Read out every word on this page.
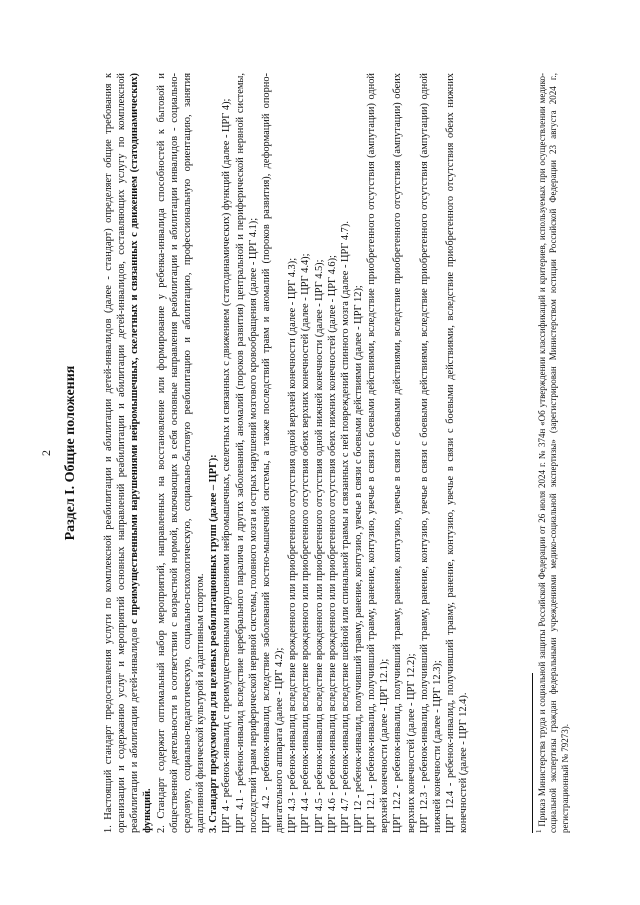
2 Раздел I. Общие положения 1. Настоящий стандарт предоставления услуги по комплексной реабилитации и абилитации детей-инвалидов (далее - стандарт) определяет общие требования к организации и содержанию услуг и мероприятий основных направлений реабилитации и абилитации детей-инвалидов, составляющих услугу по комплексной реабилитации и абилитации детей-инвалидов с преимущественными нарушениями нейромышечных, скелетных и связанных с движением (статодинамических) функций. 2. Стандарт содержит оптимальный набор мероприятий, направленных на восстановление или формирование у ребенка-инвалида способностей к бытовой и общественной деятельности в соответствии с возрастной нормой, включающих в себя основные направления реабилитации и абилитации инвалидов - социально-средовую, социально-педагогическую, социально-психологическую, социально-бытовую реабилитацию и абилитацию, профессиональную ориентацию, занятия адаптивной физической культурой и адаптивным спортом. 3. Стандарт предусмотрен для целевых реабилитационных групп (далее – ЦРГ): ЦРГ 4 - ребенок-инвалид с преимущественными нарушениями нейромышечных, скелетных и связанных с движением (статодинамических) функций (далее - ЦРГ 4); ЦРГ 4.1 - ребенок-инвалид вследствие церебрального паралича и других заболеваний, аномалий (пороков развития) центральной и периферической нервной системы, последствий травм периферической нервной системы, головного мозга и острых нарушений мозгового кровообращения (далее - ЦРГ 4.1); ЦРГ 4.2 - ребенок-инвалид вследствие заболеваний костно-мышечной системы, а также последствий травм и аномалий (пороков развития), деформаций опорно-двигательного аппарата (далее - ЦРГ 4.2); ЦРГ 4.3 - ребенок-инвалид вследствие врожденного или приобретенного отсутствия одной верхней конечности (далее - ЦРГ 4.3); ЦРГ 4.4 - ребенок-инвалид вследствие врожденного или приобретенного отсутствия обеих верхних конечностей (далее - ЦРГ 4.4); ЦРГ 4.5 - ребенок-инвалид вследствие врожденного или приобретенного отсутствия одной нижней конечности (далее - ЦРГ 4.5); ЦРГ 4.6 - ребенок-инвалид вследствие врожденного или приобретенного отсутствия обеих нижних конечностей (далее - ЦРГ 4.6); ЦРГ 4.7 - ребенок-инвалид вследствие шейной или спинальной травмы и связанных с ней повреждений спинного мозга (далее - ЦРГ 4.7). ЦРГ 12 - ребенок-инвалид, получивший травму, ранение, контузию, увечье в связи с боевыми действиями (далее - ЦРГ 12); ЦРГ 12.1 - ребенок-инвалид, получивший травму, ранение, контузию, увечье в связи с боевыми действиями, вследствие приобретенного отсутствия (ампутации) одной верхней конечности (далее - ЦРГ 12.1); ЦРГ 12.2 - ребенок-инвалид, получивший травму, ранение, контузию, увечье в связи с боевыми действиями, вследствие приобретенного отсутствия (ампутации) обеих верхних конечностей (далее - ЦРГ 12.2); ЦРГ 12.3 - ребенок-инвалид, получивший травму, ранение, контузию, увечье в связи с боевыми действиями, вследствие приобретенного отсутствия (ампутации) одной нижней конечности (далее - ЦРГ 12.3); ЦРГ 12.4 - ребенок-инвалид, получивший травму, ранение, контузию, увечье в связи с боевыми действиями, вследствие приобретенного отсутствия обеих нижних конечностей (далее - ЦРГ 12.4).	$^1$ Приказ Министерства труда и социальной защиты Российской Федерации от 26 июля 2024 г. № 374н «Об утверждении классификаций и критериев, используемых при осуществлении медико-социальной экспертизы граждан федеральными учреждениями медико-социальной экспертизы» (зарегистрирован Министерством юстиции Российской Федерации 23 августа 2024 г., регистрационный № 79273).
